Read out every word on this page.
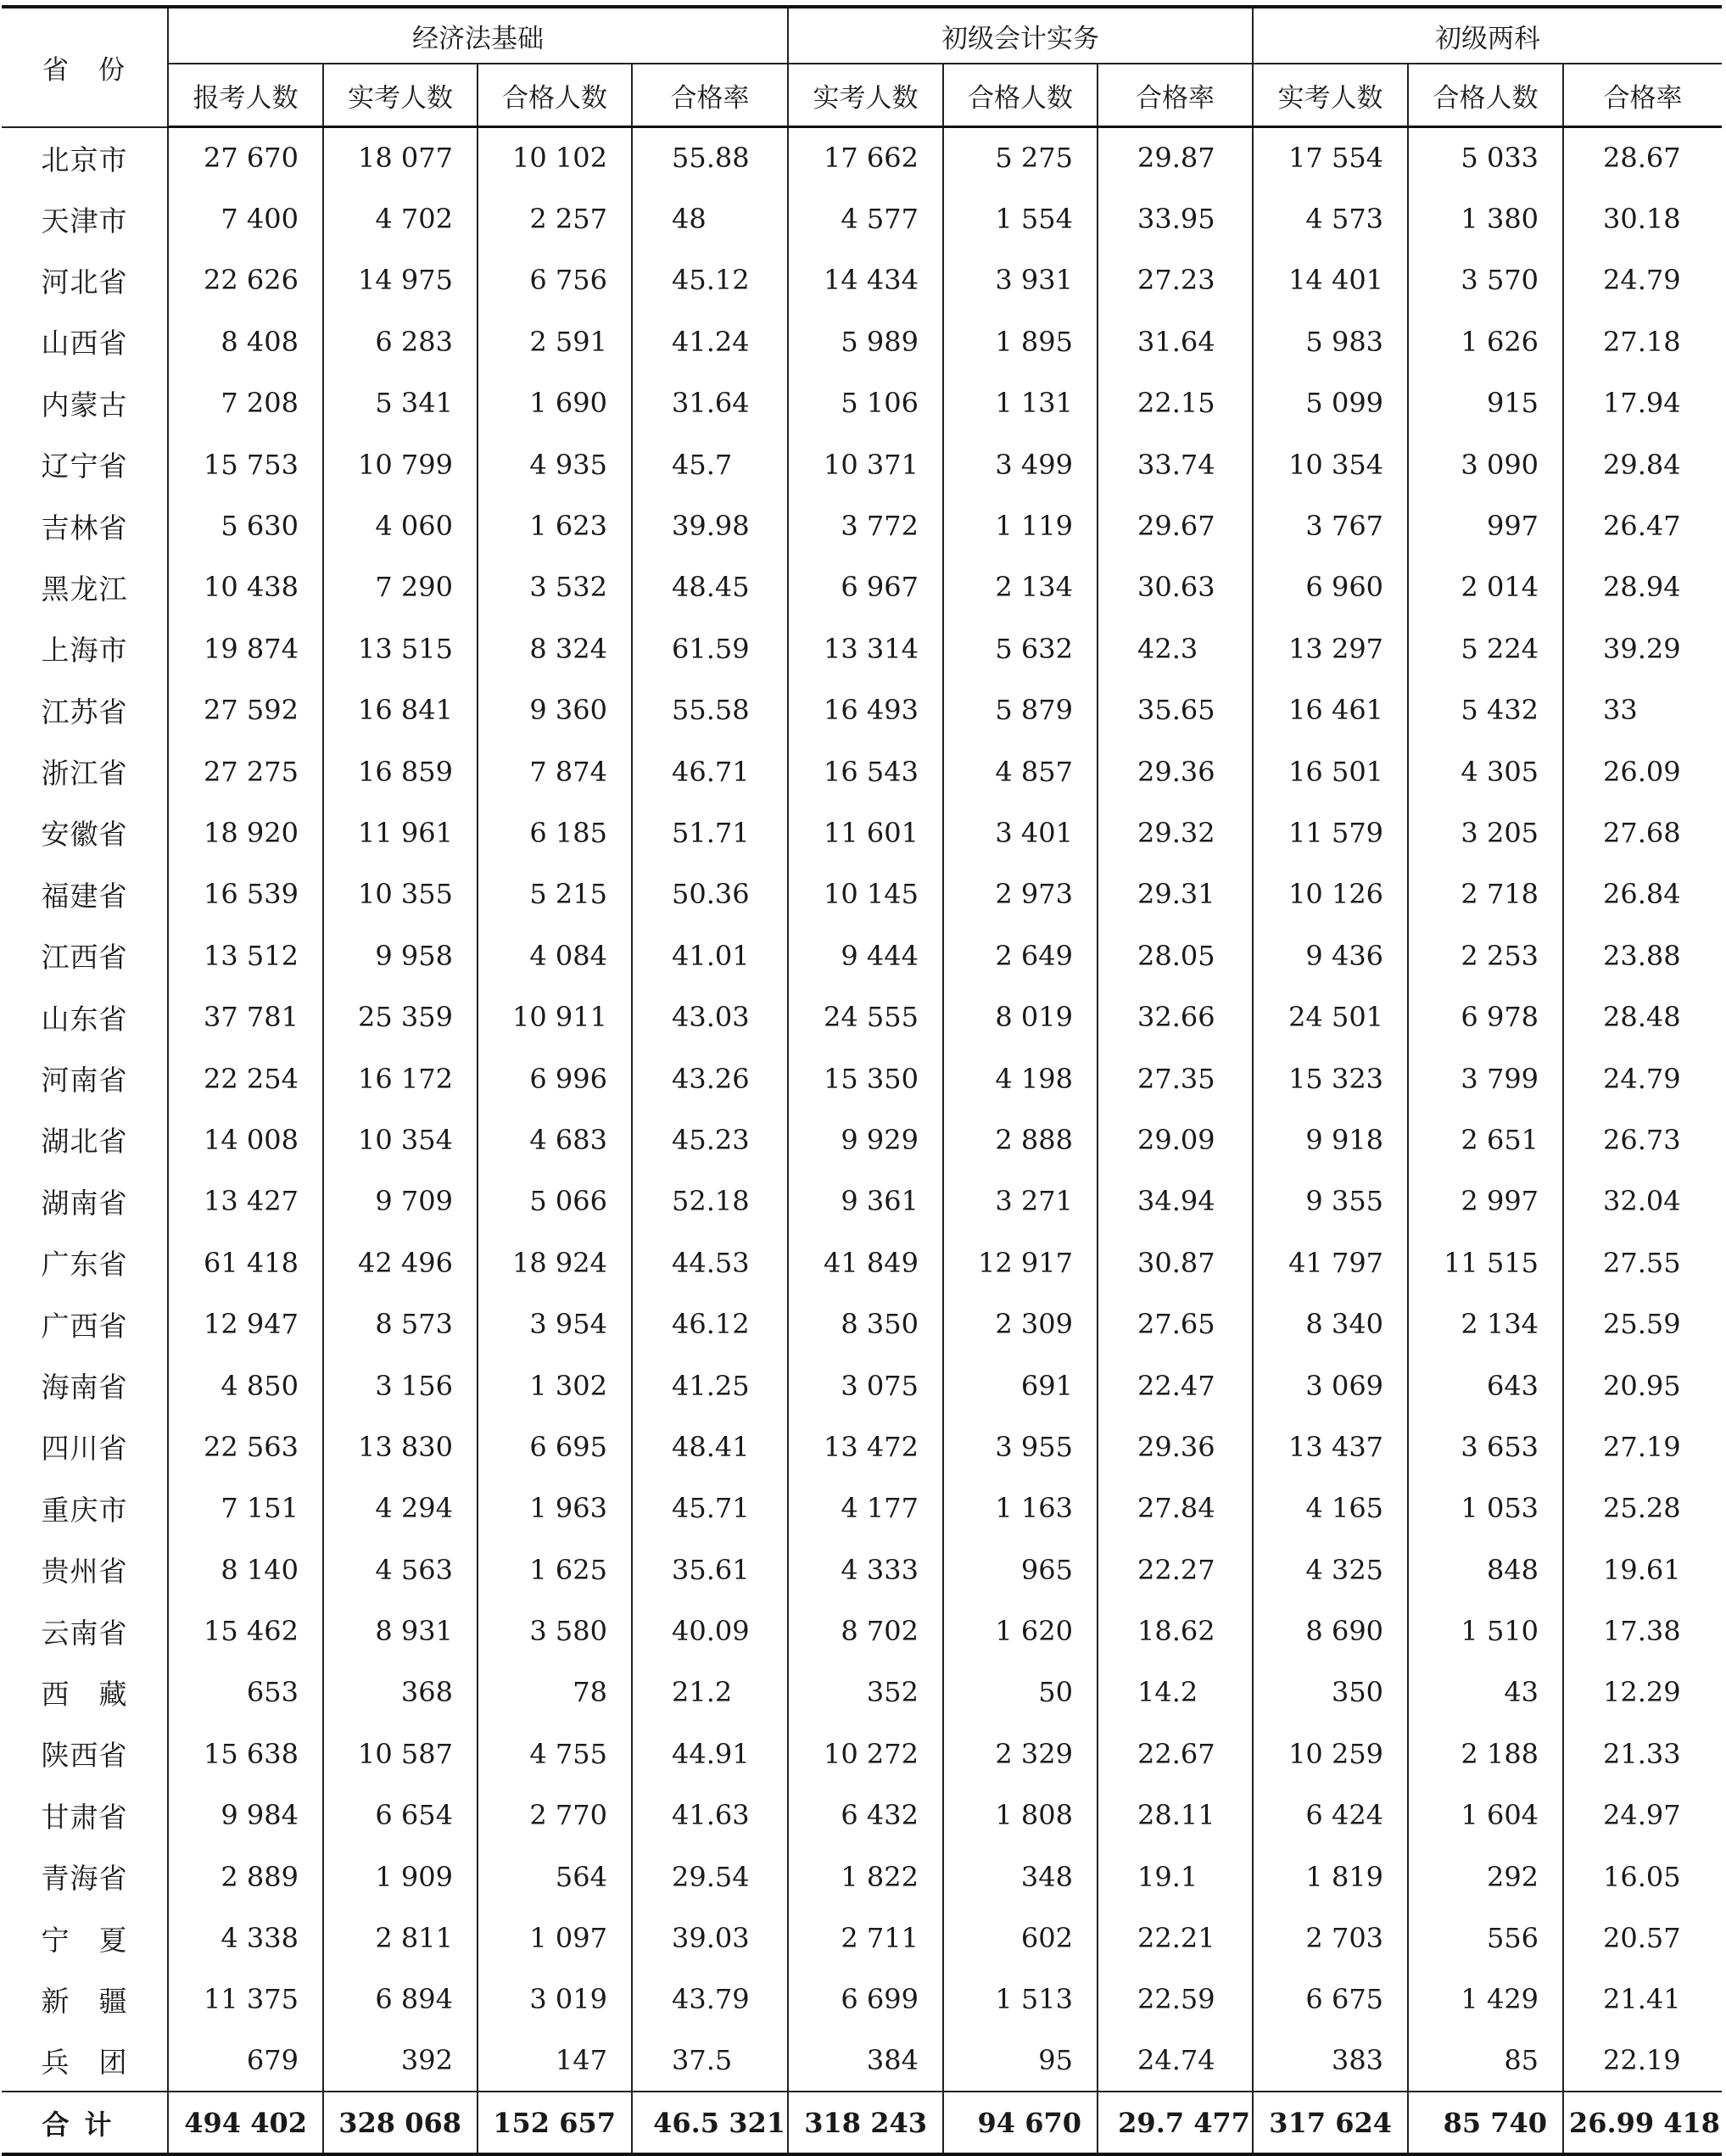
省　份	经济法基础				初级会计实务			初级两科		
	报考人数	实考人数	合格人数	合格率	实考人数	合格人数	合格率	实考人数	合格人数	合格率
北京市	27 670	18 077	10 102	55.88	17 662	5 275	29.87	17 554	5 033	28.67
天津市	7 400	4 702	2 257	48	4 577	1 554	33.95	4 573	1 380	30.18
河北省	22 626	14 975	6 756	45.12	14 434	3 931	27.23	14 401	3 570	24.79
山西省	8 408	6 283	2 591	41.24	5 989	1 895	31.64	5 983	1 626	27.18
内蒙古	7 208	5 341	1 690	31.64	5 106	1 131	22.15	5 099	915	17.94
辽宁省	15 753	10 799	4 935	45.7	10 371	3 499	33.74	10 354	3 090	29.84
吉林省	5 630	4 060	1 623	39.98	3 772	1 119	29.67	3 767	997	26.47
黑龙江	10 438	7 290	3 532	48.45	6 967	2 134	30.63	6 960	2 014	28.94
上海市	19 874	13 515	8 324	61.59	13 314	5 632	42.3	13 297	5 224	39.29
江苏省	27 592	16 841	9 360	55.58	16 493	5 879	35.65	16 461	5 432	33
浙江省	27 275	16 859	7 874	46.71	16 543	4 857	29.36	16 501	4 305	26.09
安徽省	18 920	11 961	6 185	51.71	11 601	3 401	29.32	11 579	3 205	27.68
福建省	16 539	10 355	5 215	50.36	10 145	2 973	29.31	10 126	2 718	26.84
江西省	13 512	9 958	4 084	41.01	9 444	2 649	28.05	9 436	2 253	23.88
山东省	37 781	25 359	10 911	43.03	24 555	8 019	32.66	24 501	6 978	28.48
河南省	22 254	16 172	6 996	43.26	15 350	4 198	27.35	15 323	3 799	24.79
湖北省	14 008	10 354	4 683	45.23	9 929	2 888	29.09	9 918	2 651	26.73
湖南省	13 427	9 709	5 066	52.18	9 361	3 271	34.94	9 355	2 997	32.04
广东省	61 418	42 496	18 924	44.53	41 849	12 917	30.87	41 797	11 515	27.55
广西省	12 947	8 573	3 954	46.12	8 350	2 309	27.65	8 340	2 134	25.59
海南省	4 850	3 156	1 302	41.25	3 075	691	22.47	3 069	643	20.95
四川省	22 563	13 830	6 695	48.41	13 472	3 955	29.36	13 437	3 653	27.19
重庆市	7 151	4 294	1 963	45.71	4 177	1 163	27.84	4 165	1 053	25.28
贵州省	8 140	4 563	1 625	35.61	4 333	965	22.27	4 325	848	19.61
云南省	15 462	8 931	3 580	40.09	8 702	1 620	18.62	8 690	1 510	17.38
西　藏	653	368	78	21.2	352	50	14.2	350	43	12.29
陕西省	15 638	10 587	4 755	44.91	10 272	2 329	22.67	10 259	2 188	21.33
甘肃省	9 984	6 654	2 770	41.63	6 432	1 808	28.11	6 424	1 604	24.97
青海省	2 889	1 909	564	29.54	1 822	348	19.1	1 819	292	16.05
宁　夏	4 338	2 811	1 097	39.03	2 711	602	22.21	2 703	556	20.57
新　疆	11 375	6 894	3 019	43.79	6 699	1 513	22.59	6 675	1 429	21.41
兵　团	679	392	147	37.5	384	95	24.74	383	85	22.19
合计	494 402	328 068	152 657	46.5 321	318 243	94 670	29.7 477	317 624	85 740	26.99 418
